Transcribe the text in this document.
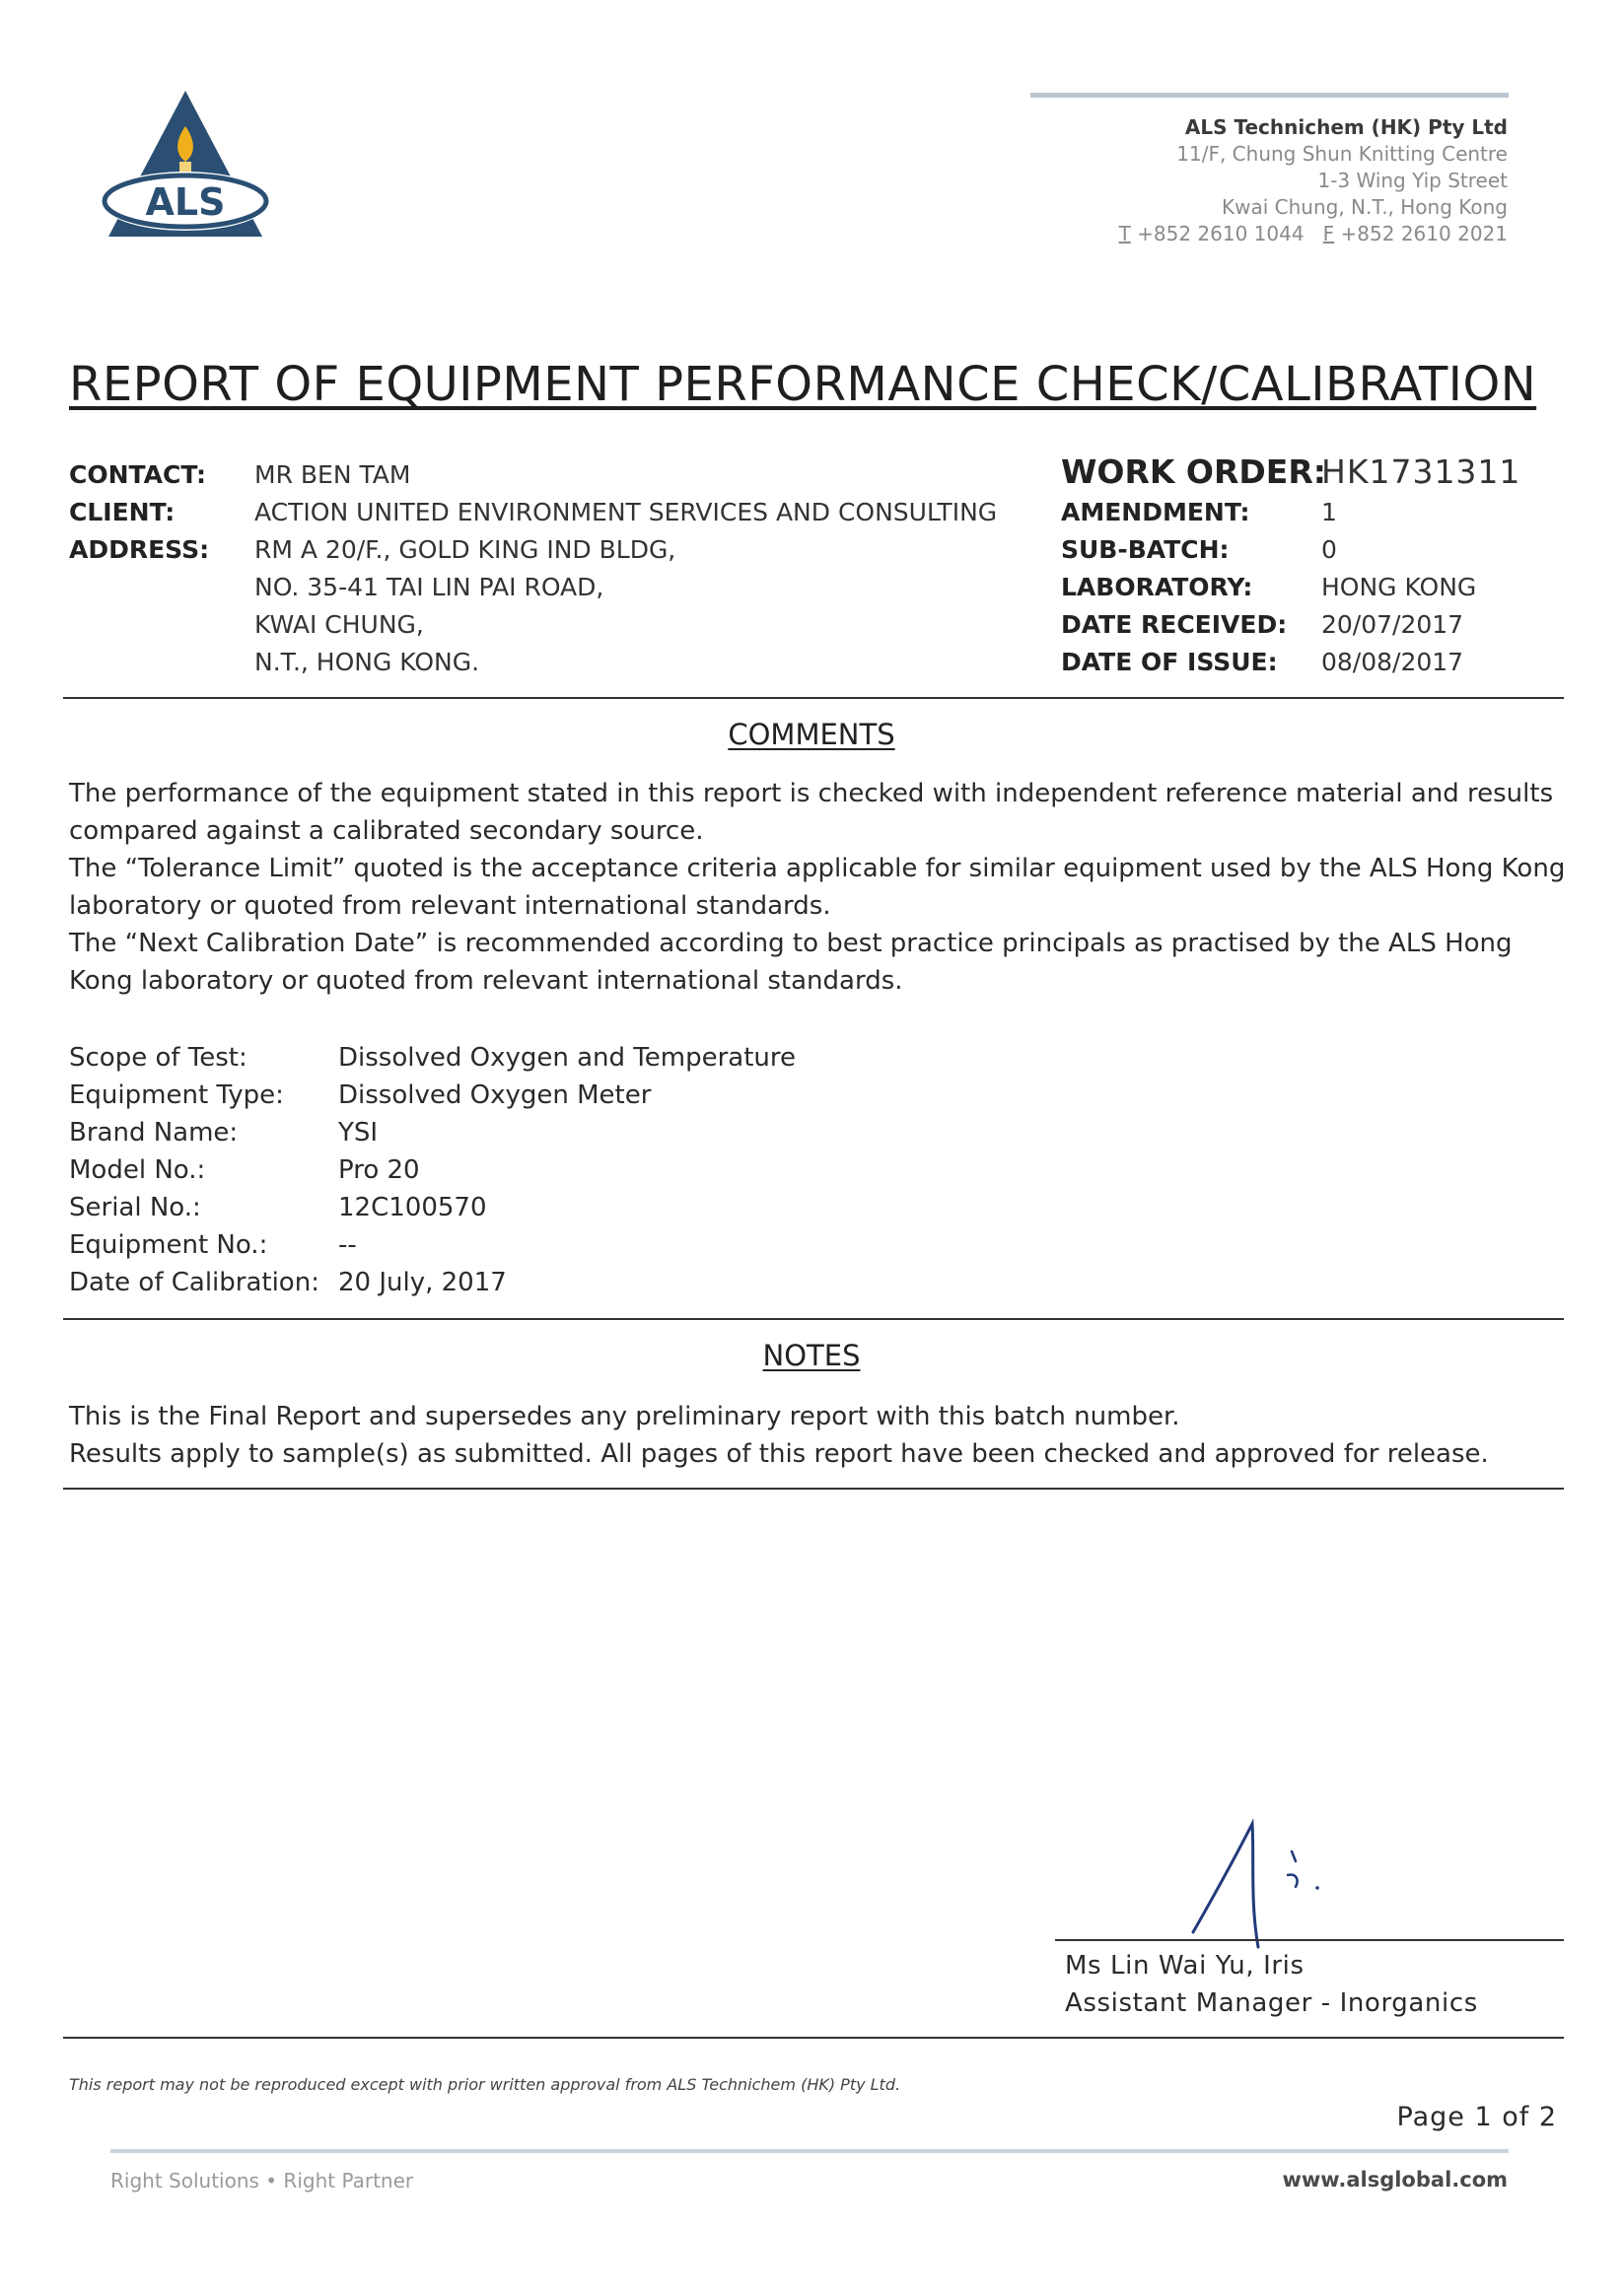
ALS
ALS Technichem (HK) Pty Ltd
11/F, Chung Shun Knitting Centre
1-3 Wing Yip Street
Kwai Chung, N.T., Hong Kong
T +852 2610 1044 F +852 2610 2021
REPORT OF EQUIPMENT PERFORMANCE CHECK/CALIBRATION
CONTACT: MR BEN TAM
CLIENT:	ACTION UNITED ENVIRONMENT SERVICES AND CONSULTING
ADDRESS: RM A 20/F., GOLD KING IND BLDG,
NO. 35-41 TAI LIN PAI ROAD,
KWAI CHUNG,
N.T., HONG KONG.
WORK ORDER:
HK1731311
AMENDMENT:	1
SUB-BATCH:	0
LABORATORY:	HONG KONG
DATE RECEIVED: 20/07/2017
DATE OF ISSUE: 08/08/2017
COMMENTS

The performance of the equipment stated in this report is checked with independent reference material and results compared against a calibrated secondary source.

The “Tolerance Limit” quoted is the acceptance criteria applicable for similar equipment used by the ALS Hong Kong laboratory or quoted from relevant international standards.

The “Next Calibration Date” is recommended according to best practice principals as practised by the ALS Hong Kong laboratory or quoted from relevant international standards.

Scope of Test:	Dissolved Oxygen and Temperature
Equipment Type: Dissolved Oxygen Meter
Brand Name:	YSI
Model No.:	Pro 20
Serial No.:	12C100570
Equipment No.:	--
Date of Calibration: 20 July, 2017
NOTES

This is the Final Report and supersedes any preliminary report with this batch number.

Results apply to sample(s) as submitted. All pages of this report have been checked and approved for release.

Ms Lin Wai Yu, Iris
Assistant Manager - Inorganics
This report may not be reproduced except with prior written approval from ALS Technichem (HK) Pty Ltd.
Page 1 of 2
Right Solutions • Right Partner	www.alsglobal.com
